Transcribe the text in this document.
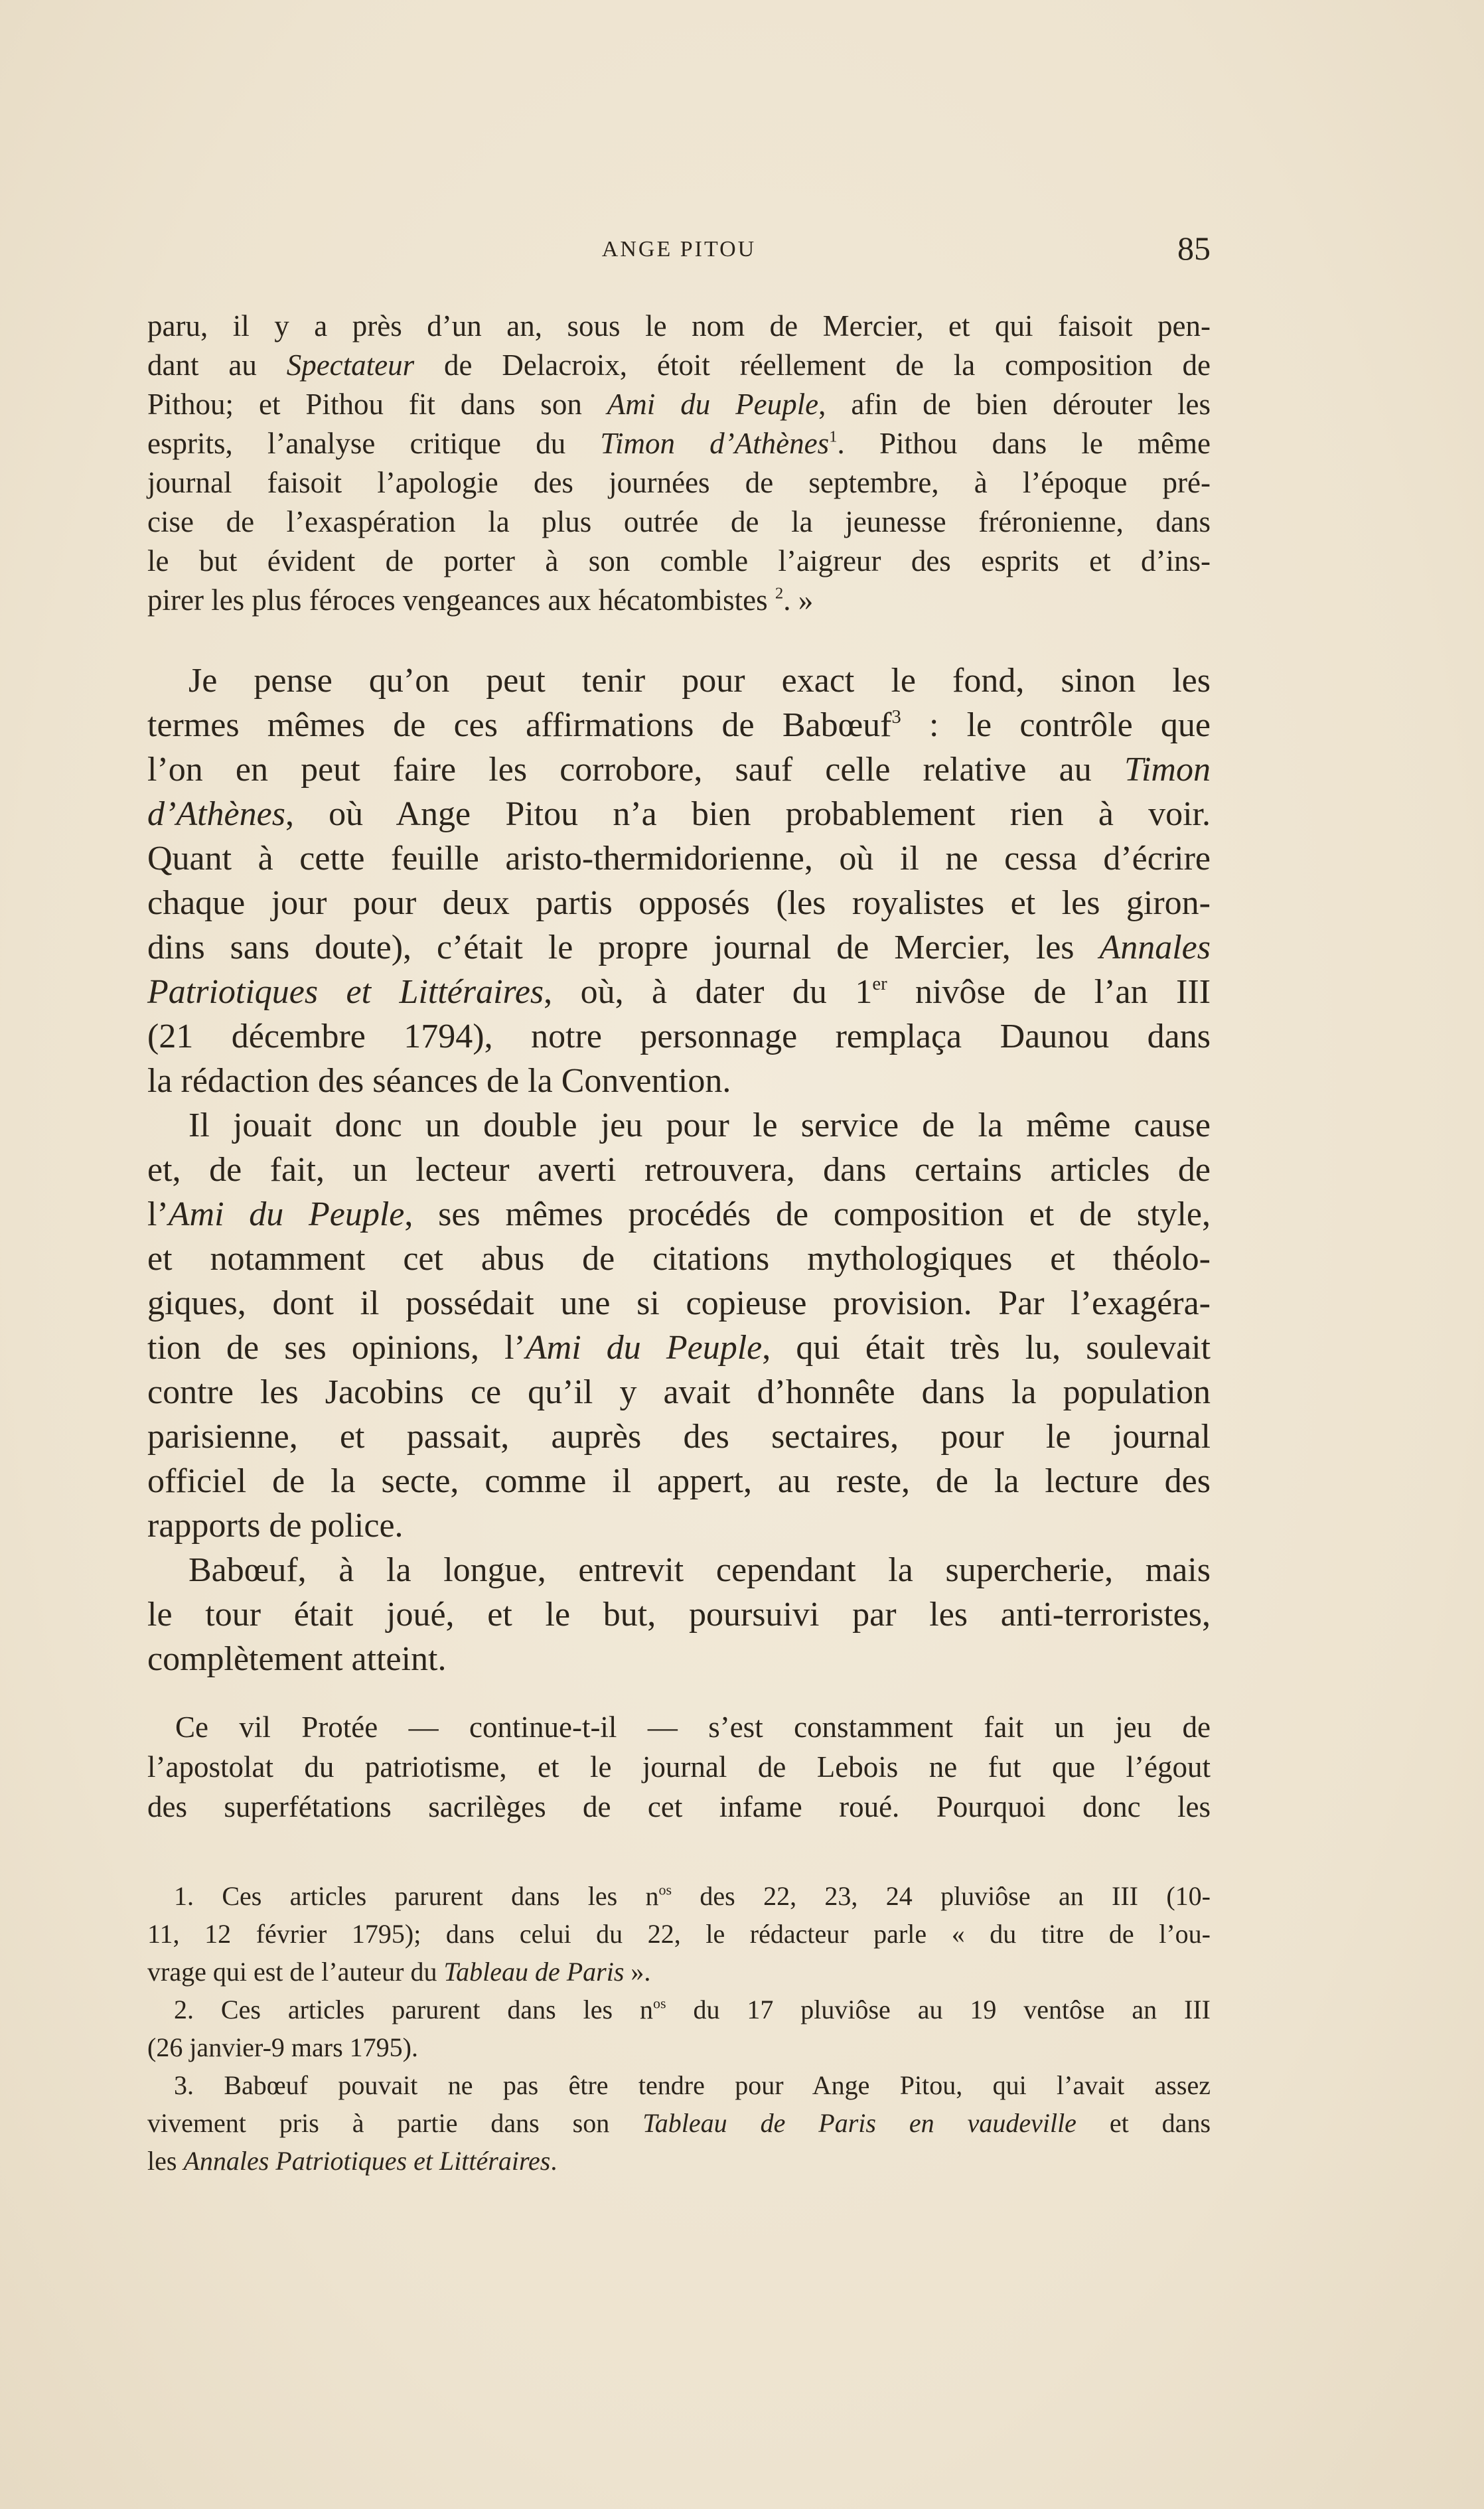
ANGE PITOU	85
paru, il y a près d’un an, sous le nom de Mercier, et qui faisoit pen-
dant au Spectateur de Delacroix, étoit réellement de la composition de
Pithou; et Pithou fit dans son Ami du Peuple, afin de bien dérouter les
esprits, l’analyse critique du Timon d’Athènes$^1$. Pithou dans le même
journal faisoit l’apologie des journées de septembre, à l’époque pré-
cise de l’exaspération la plus outrée de la jeunesse fréronienne, dans
le but évident de porter à son comble l’aigreur des esprits et d’ins-
pirer les plus féroces vengeances aux hécatombistes $^2$. »
Je pense qu’on peut tenir pour exact le fond, sinon les
termes mêmes de ces affirmations de Babœuf$^3$ : le contrôle que
l’on en peut faire les corrobore, sauf celle relative au Timon
d’Athènes, où Ange Pitou n’a bien probablement rien à voir.
Quant à cette feuille aristo-thermidorienne, où il ne cessa d’écrire
chaque jour pour deux partis opposés (les royalistes et les giron-
dins sans doute), c’était le propre journal de Mercier, les Annales
Patriotiques et Littéraires, où, à dater du 1er nivôse de l’an III
(21 décembre 1794), notre personnage remplaça Daunou dans
la rédaction des séances de la Convention.
Il jouait donc un double jeu pour le service de la même cause
et, de fait, un lecteur averti retrouvera, dans certains articles de
l’Ami du Peuple, ses mêmes procédés de composition et de style,
et notamment cet abus de citations mythologiques et théolo-
giques, dont il possédait une si copieuse provision. Par l’exagéra-
tion de ses opinions, l’Ami du Peuple, qui était très lu, soulevait
contre les Jacobins ce qu’il y avait d’honnête dans la population
parisienne, et passait, auprès des sectaires, pour le journal
officiel de la secte, comme il appert, au reste, de la lecture des
rapports de police.
Babœuf, à la longue, entrevit cependant la supercherie, mais
le tour était joué, et le but, poursuivi par les anti-terroristes,
complètement atteint.
Ce vil Protée — continue-t-il — s’est constamment fait un jeu de
l’apostolat du patriotisme, et le journal de Lebois ne fut que l’égout
des superfétations sacrilèges de cet infame roué. Pourquoi donc les
1. Ces articles parurent dans les $n^{os}$ des 22, 23, 24 pluviôse an III (10-
11, 12 février 1795); dans celui du 22, le rédacteur parle « du titre de l’ou-
vrage qui est de l’auteur du Tableau de Paris ».
2. Ces articles parurent dans les $n^{os}$ du 17 pluviôse au 19 ventôse an III
(26 janvier-9 mars 1795).
3. Babœuf pouvait ne pas être tendre pour Ange Pitou, qui l’avait assez
vivement pris à partie dans son Tableau de Paris en vaudeville et dans
les Annales Patriotiques et Littéraires.
